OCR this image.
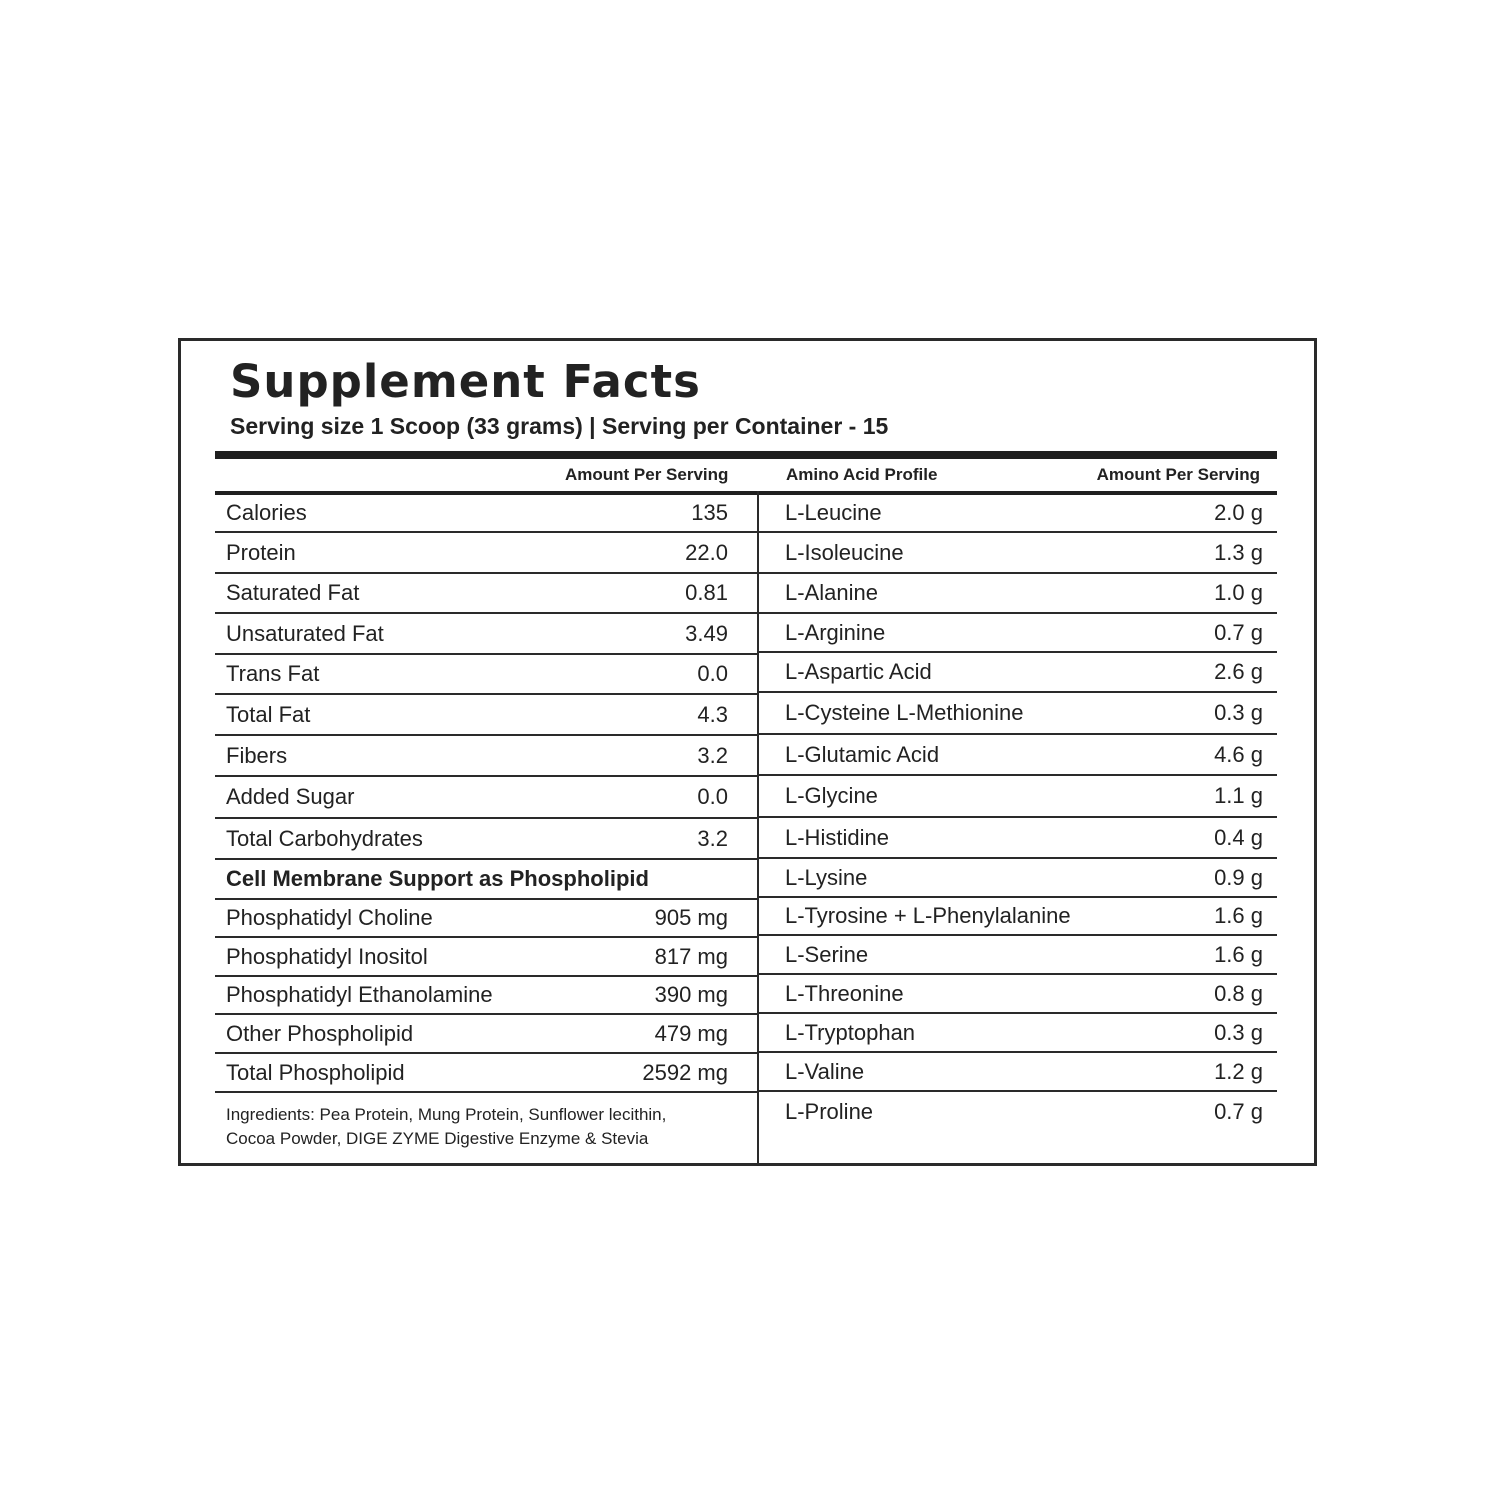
Supplement Facts
Serving size 1 Scoop (33 grams) | Serving per Container - 15
Amount Per Serving	Amino Acid Profile	Amount Per Serving
Calories	135
Protein	22.0
Saturated Fat	0.81
Unsaturated Fat	3.49
Trans Fat	0.0
Total Fat	4.3
Fibers	3.2
Added Sugar	0.0
Total Carbohydrates	3.2
Cell Membrane Support as Phospholipid
Phosphatidyl Choline	905 mg
Phosphatidyl Inositol	817 mg
Phosphatidyl Ethanolamine	390 mg
Other Phospholipid	479 mg
Total Phospholipid	2592 mg
L-Leucine	2.0 g
L-Isoleucine	1.3 g
L-Alanine	1.0 g
L-Arginine	0.7 g
L-Aspartic Acid	2.6 g
L-Cysteine L-Methionine	0.3 g
L-Glutamic Acid	4.6 g
L-Glycine	1.1 g
L-Histidine	0.4 g
L-Lysine	0.9 g
L-Tyrosine + L-Phenylalanine	1.6 g
L-Serine	1.6 g
L-Threonine	0.8 g
L-Tryptophan	0.3 g
L-Valine	1.2 g
L-Proline	0.7 g
Ingredients: Pea Protein, Mung Protein, Sunflower lecithin,
Cocoa Powder, DIGE ZYME Digestive Enzyme & Stevia
